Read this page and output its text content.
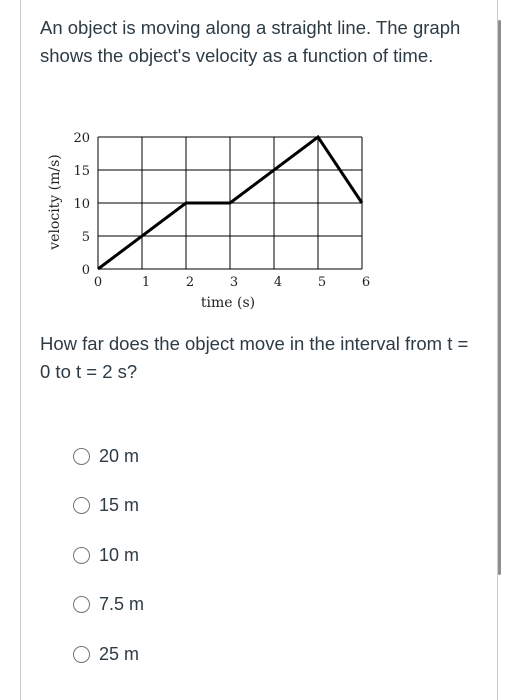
An object is moving along a straight line. The graph shows the object's velocity as a function of time.

0	1	2	3	4	5	6
0
5
10
15
20
velocity (m/s)
time (s)

How far does the object move in the interval from t = 0 to t = 2 s?

20 m
15 m
10 m
7.5 m
25 m
